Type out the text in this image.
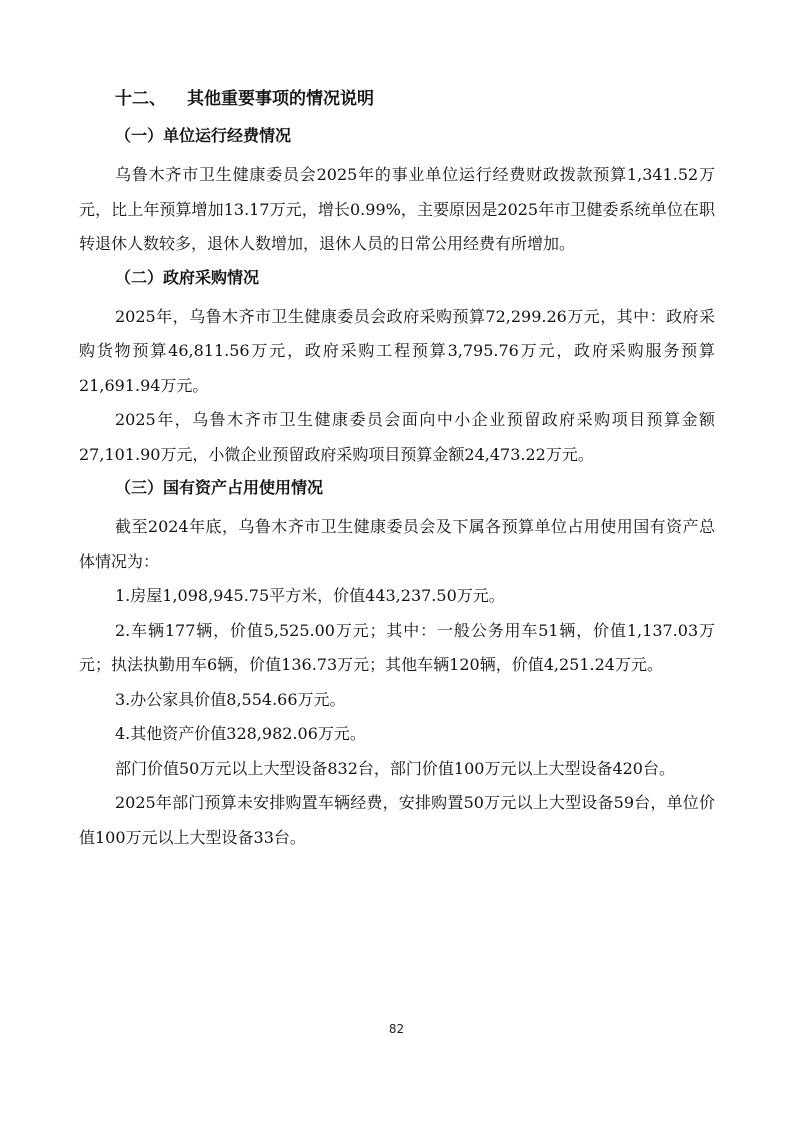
十二、 其他重要事项的情况说明
（一）单位运行经费情况

乌鲁木齐市卫生健康委员会2025年的事业单位运行经费财政拨款预算1,341.52万元，比上年预算增加13.17万元，增长0.99%，主要原因是2025年市卫健委系统单位在职转退休人数较多，退休人数增加，退休人员的日常公用经费有所增加。

（二）政府采购情况

2025年，乌鲁木齐市卫生健康委员会政府采购预算72,299.26万元，其中：政府采购货物预算46,811.56万元，政府采购工程预算3,795.76万元，政府采购服务预算21,691.94万元。

2025年，乌鲁木齐市卫生健康委员会面向中小企业预留政府采购项目预算金额27,101.90万元，小微企业预留政府采购项目预算金额24,473.22万元。

（三）国有资产占用使用情况

截至2024年底，乌鲁木齐市卫生健康委员会及下属各预算单位占用使用国有资产总体情况为：

1.房屋1,098,945.75平方米，价值443,237.50万元。

2.车辆177辆，价值5,525.00万元；其中：一般公务用车51辆，价值1,137.03万元；执法执勤用车6辆，价值136.73万元；其他车辆120辆，价值4,251.24万元。

3.办公家具价值8,554.66万元。

4.其他资产价值328,982.06万元。

部门价值50万元以上大型设备832台，部门价值100万元以上大型设备420台。

2025年部门预算未安排购置车辆经费，安排购置50万元以上大型设备59台，单位价值100万元以上大型设备33台。

82
